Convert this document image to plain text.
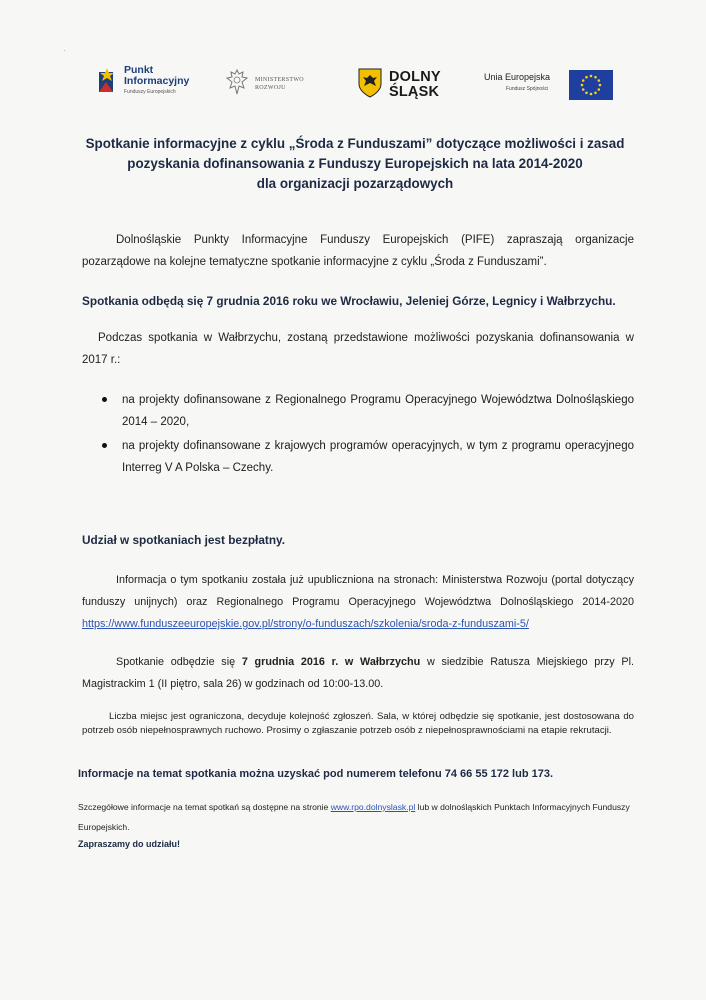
·
Punkt
Informacyjny
Funduszy Europejskich
MINISTERSTWO
ROZWOJU
DOLNY
ŚLĄSK
Unia Europejska
Fundusz Spójności
Spotkanie informacyjne z cyklu „Środa z Funduszami” dotyczące możliwości i zasad
pozyskania dofinansowania z Funduszy Europejskich na lata 2014-2020
dla organizacji pozarządowych
Dolnośląskie Punkty Informacyjne Funduszy Europejskich (PIFE) zapraszają organizacje pozarządowe na kolejne tematyczne spotkanie informacyjne z cyklu „Środa z Funduszami”.
Spotkania odbędą się 7 grudnia 2016 roku we Wrocławiu, Jeleniej Górze, Legnicy i Wałbrzychu.
Podczas spotkania w Wałbrzychu, zostaną przedstawione możliwości pozyskania dofinansowania w 2017 r.:
na projekty dofinansowane z Regionalnego Programu Operacyjnego Województwa Dolnośląskiego 2014 – 2020,
na projekty dofinansowane z krajowych programów operacyjnych, w tym z programu operacyjnego Interreg V A Polska – Czechy.
Udział w spotkaniach jest bezpłatny.
Informacja o tym spotkaniu została już upubliczniona na stronach: Ministerstwa Rozwoju (portal dotyczący funduszy unijnych) oraz Regionalnego Programu Operacyjnego Województwa Dolnośląskiego 2014-2020 https://www.funduszeeuropejskie.gov.pl/strony/o-funduszach/szkolenia/sroda-z-funduszami-5/
Spotkanie odbędzie się 7 grudnia 2016 r. w Wałbrzychu w siedzibie Ratusza Miejskiego przy Pl. Magistrackim 1 (II piętro, sala 26) w godzinach od 10:00-13.00.
Liczba miejsc jest ograniczona, decyduje kolejność zgłoszeń. Sala, w której odbędzie się spotkanie, jest dostosowana do potrzeb osób niepełnosprawnych ruchowo. Prosimy o zgłaszanie potrzeb osób z niepełnosprawnościami na etapie rekrutacji.
Informacje na temat spotkania można uzyskać pod numerem telefonu 74 66 55 172 lub 173.
Szczegółowe informacje na temat spotkań są dostępne na stronie www.rpo.dolnyslask.pl lub w dolnośląskich Punktach Informacyjnych Funduszy Europejskich.
Zapraszamy do udziału!
